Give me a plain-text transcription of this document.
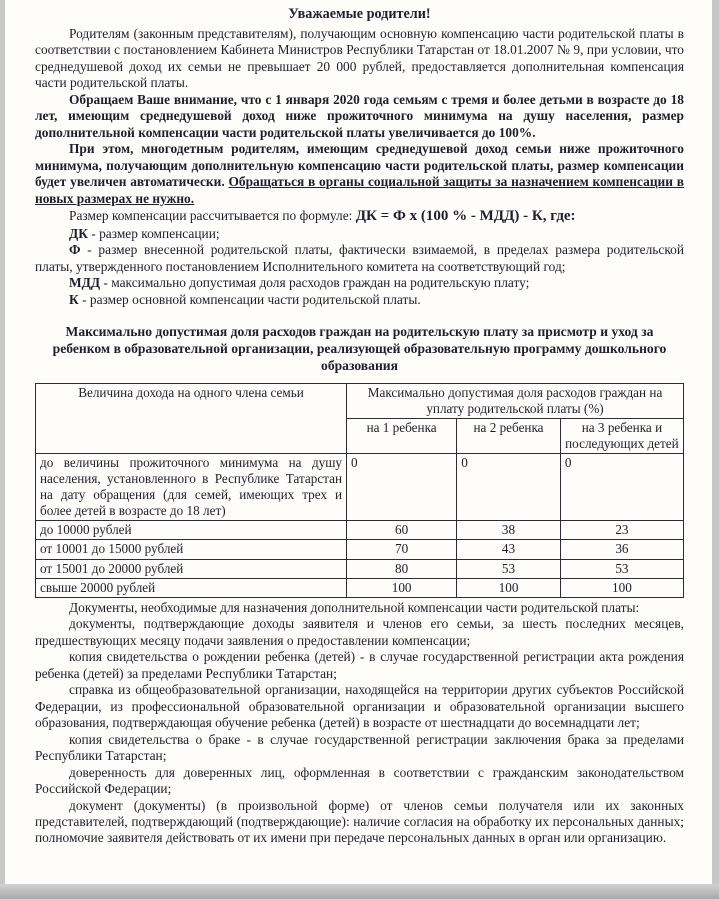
Уважаемые родители!

Родителям (законным представителям), получающим основную компенсацию части родительской платы в соответствии с постановлением Кабинета Министров Республики Татарстан от 18.01.2007 № 9, при условии, что среднедушевой доход их семьи не превышает 20 000 рублей, предоставляется дополнительная компенсация части родительской платы.

Обращаем Ваше внимание, что с 1 января 2020 года семьям с тремя и более детьми в возрасте до 18 лет, имеющим среднедушевой доход ниже прожиточного минимума на душу населения, размер дополнительной компенсации части родительской платы увеличивается до 100%.

При этом, многодетным родителям, имеющим среднедушевой доход семьи ниже прожиточного минимума, получающим дополнительную компенсацию части родительской платы, размер компенсации будет увеличен автоматически. Обращаться в органы социальной защиты за назначением компенсации в новых размерах не нужно.

Размер компенсации рассчитывается по формуле: ДК = Ф х (100 % - МДД) - К, где:

ДК - размер компенсации;

Ф - размер внесенной родительской платы, фактически взимаемой, в пределах размера родительской платы, утвержденного постановлением Исполнительного комитета на соответствующий год;

МДД - максимально допустимая доля расходов граждан на родительскую плату;

К - размер основной компенсации части родительской платы.

Максимально допустимая доля расходов граждан на родительскую плату за присмотр и уход за ребенком в образовательной организации, реализующей образовательную программу дошкольного образования

Величина дохода на одного члена семьи	Максимально допустимая доля расходов граждан на уплату родительской платы (%)		
	на 1 ребенка	на 2 ребенка	на 3 ребенка и последующих детей
до величины прожиточного минимума на душу населения, установленного в Республике Татарстан на дату обращения (для семей, имеющих трех и более детей в возрасте до 18 лет)	0	0	0
до 10000 рублей	60	38	23
от 10001 до 15000 рублей	70	43	36
от 15001 до 20000 рублей	80	53	53
свыше 20000 рублей	100	100	100

Документы, необходимые для назначения дополнительной компенсации части родительской платы:

документы, подтверждающие доходы заявителя и членов его семьи, за шесть последних месяцев, предшествующих месяцу подачи заявления о предоставлении компенсации;

копия свидетельства о рождении ребенка (детей) - в случае государственной регистрации акта рождения ребенка (детей) за пределами Республики Татарстан;

справка из общеобразовательной организации, находящейся на территории других субъектов Российской Федерации, из профессиональной образовательной организации и образовательной организации высшего образования, подтверждающая обучение ребенка (детей) в возрасте от шестнадцати до восемнадцати лет;

копия свидетельства о браке - в случае государственной регистрации заключения брака за пределами Республики Татарстан;

доверенность для доверенных лиц, оформленная в соответствии с гражданским законодательством Российской Федерации;

документ (документы) (в произвольной форме) от членов семьи получателя или их законных представителей, подтверждающий (подтверждающие): наличие согласия на обработку их персональных данных; полномочие заявителя действовать от их имени при передаче персональных данных в орган или организацию.
